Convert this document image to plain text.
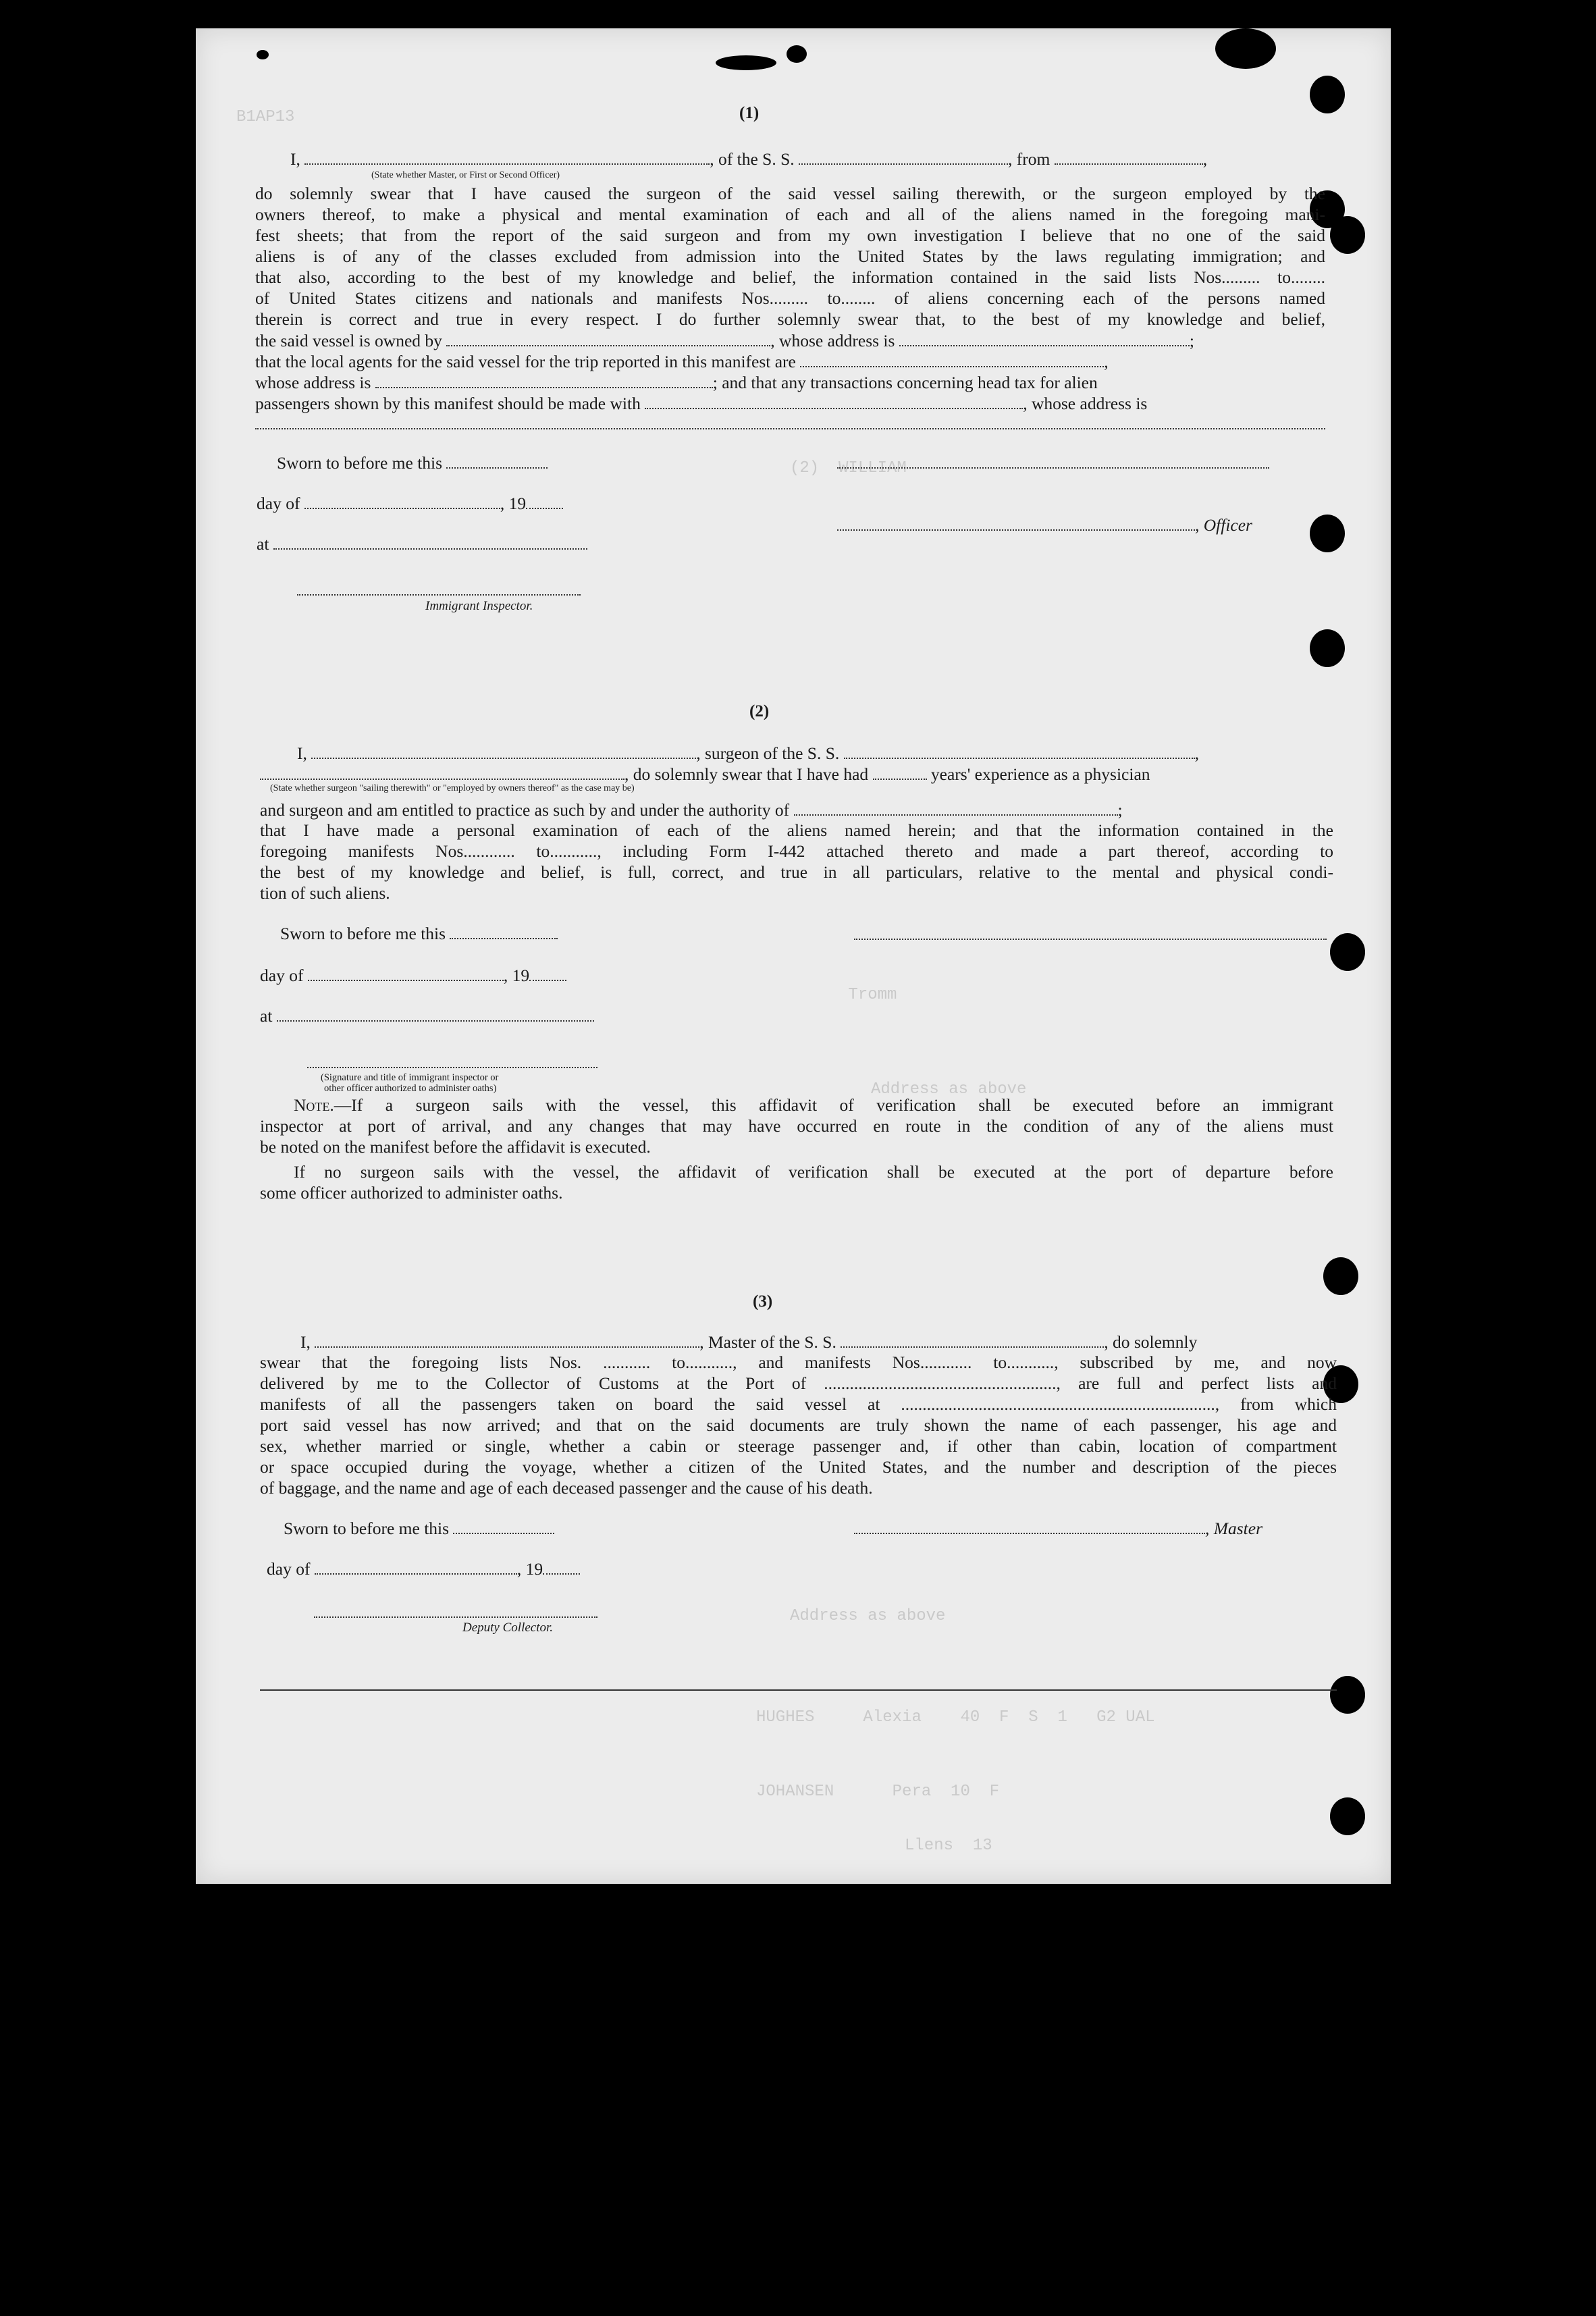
(2)  WILLIAM
Tromm
Address as above
Address as above
HUGHES     Alexia    40  F  S  1   G2 UAL
JOHANSEN      Pera  10  F
Llens  13
B1AP13	(1)
I,	, of the S. S.	, from	,
(State whether Master, or First or Second Officer)
do solemnly swear that I have caused the surgeon of the said vessel sailing therewith, or the surgeon employed by the
owners thereof, to make a physical and mental examination of each and all of the aliens named in the foregoing mani-
fest sheets; that from the report of the said surgeon and from my own investigation I believe that no one of the said
aliens is of any of the classes excluded from admission into the United States by the laws regulating immigration; and
that also, according to the best of my knowledge and belief, the information contained in the said lists Nos......... to........
of United States citizens and nationals and manifests Nos......... to........ of aliens concerning each of the persons named
therein is correct and true in every respect. I do further solemnly swear that, to the best of my knowledge and belief,
the said vessel is owned by	, whose address is	;
that the local agents for the said vessel for the trip reported in this manifest are	,
whose address is	; and that any transactions concerning head tax for alien
passengers shown by this manifest should be made with	, whose address is
Sworn to before me this
day of	, 19
, Officer
at
Immigrant Inspector.
(2)
I,	, surgeon of the S. S.	,
, do solemnly swear that I have had	years' experience as a physician
(State whether surgeon "sailing therewith" or "employed by owners thereof" as the case may be)
and surgeon and am entitled to practice as such by and under the authority of	;
that I have made a personal examination of each of the aliens named herein; and that the information contained in the
foregoing manifests Nos............ to..........., including Form I-442 attached thereto and made a part thereof, according to
the best of my knowledge and belief, is full, correct, and true in all particulars, relative to the mental and physical condi-
tion of such aliens.
Sworn to before me this
day of	, 19
at
(Signature and title of immigrant inspector or
other officer authorized to administer oaths)
Note.—If a surgeon sails with the vessel, this affidavit of verification shall be executed before an immigrant
inspector at port of arrival, and any changes that may have occurred en route in the condition of any of the aliens must
be noted on the manifest before the affidavit is executed.
If no surgeon sails with the vessel, the affidavit of verification shall be executed at the port of departure before
some officer authorized to administer oaths.
(3)
I,	, Master of the S. S.	, do solemnly
swear that the foregoing lists Nos. ........... to..........., and manifests Nos............ to..........., subscribed by me, and now
delivered by me to the Collector of Customs at the Port of ......................................................, are full and perfect lists and
manifests of all the passengers taken on board the said vessel at ........................................................................., from which
port said vessel has now arrived; and that on the said documents are truly shown the name of each passenger, his age and
sex, whether married or single, whether a cabin or steerage passenger and, if other than cabin, location of compartment
or space occupied during the voyage, whether a citizen of the United States, and the number and description of the pieces
of baggage, and the name and age of each deceased passenger and the cause of his death.
Sworn to before me this	, Master
day of	, 19
Deputy Collector.
